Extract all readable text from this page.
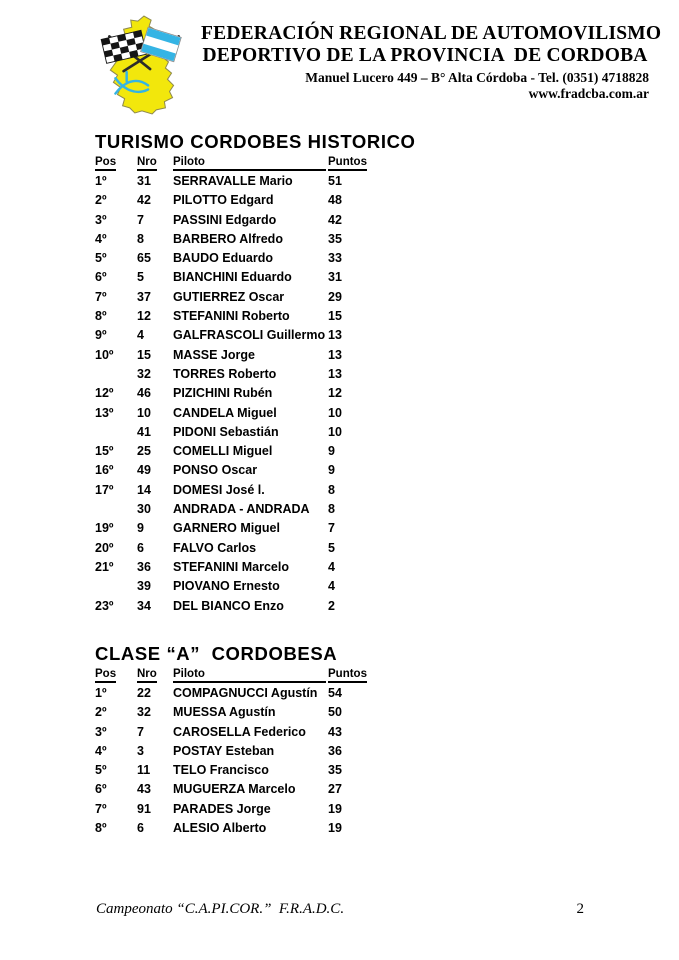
FEDERACIÓN REGIONAL DE AUTOMOVILISMO
DEPORTIVO DE LA PROVINCIA  DE CORDOBA
Manuel Lucero 449 – B° Alta Córdoba - Tel. (0351) 4718828
www.fradcba.com.ar
TURISMO CORDOBES HISTORICO
Pos	Nro	Piloto	Puntos
1º	31	SERRAVALLE Mario	51
2º	42	PILOTTO Edgard	48
3º	7	PASSINI Edgardo	42
4º	8	BARBERO Alfredo	35
5º	65	BAUDO Eduardo	33
6º	5	BIANCHINI Eduardo	31
7º	37	GUTIERREZ Oscar	29
8º	12	STEFANINI Roberto	15
9º	4	GALFRASCOLI Guillermo	13
10º	15	MASSE Jorge	13
	32	TORRES Roberto	13
12º	46	PIZICHINI Rubén	12
13º	10	CANDELA Miguel	10
	41	PIDONI Sebastián	10
15º	25	COMELLI Miguel	9
16º	49	PONSO Oscar	9
17º	14	DOMESI José l.	8
	30	ANDRADA - ANDRADA	8
19º	9	GARNERO Miguel	7
20º	6	FALVO Carlos	5
21º	36	STEFANINI Marcelo	4
	39	PIOVANO Ernesto	4
23º	34	DEL BIANCO Enzo	2
CLASE “A”  CORDOBESA
Pos	Nro	Piloto	Puntos
1º	22	COMPAGNUCCI Agustín	54
2º	32	MUESSA Agustín	50
3º	7	CAROSELLA Federico	43
4º	3	POSTAY Esteban	36
5º	11	TELO Francisco	35
6º	43	MUGUERZA Marcelo	27
7º	91	PARADES Jorge	19
8º	6	ALESIO Alberto	19
Campeonato “C.A.PI.COR.”  F.R.A.D.C.	2
